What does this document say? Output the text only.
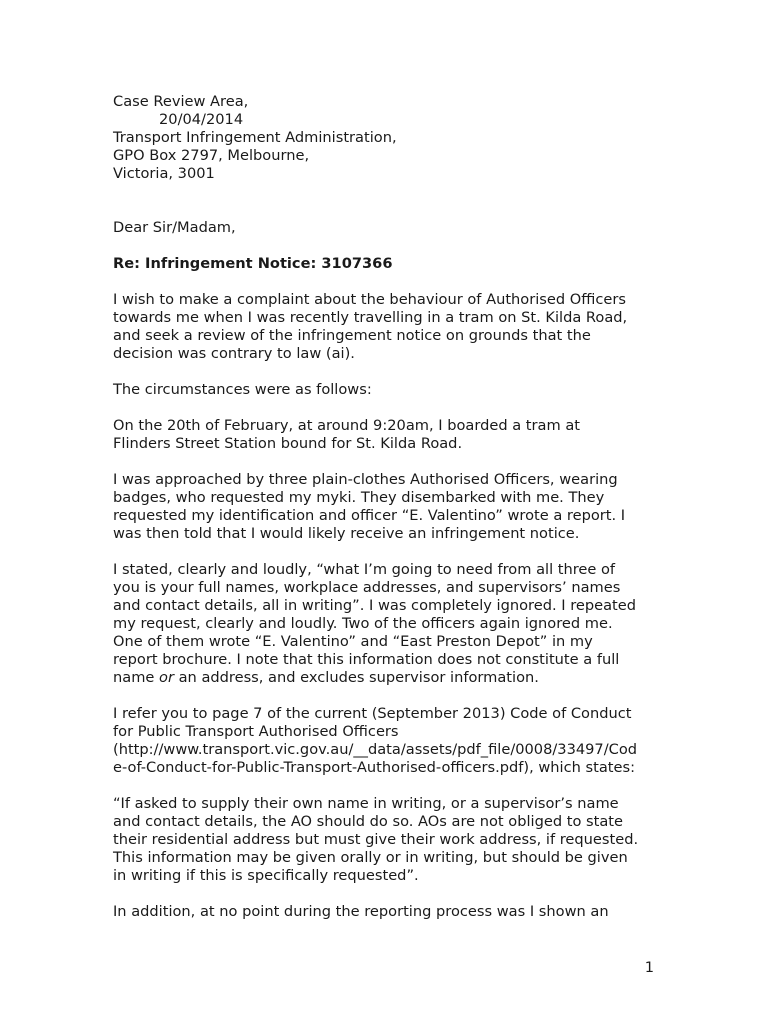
Case Review Area,
20/04/2014
Transport Infringement Administration,
GPO Box 2797, Melbourne,
Victoria, 3001
Dear Sir/Madam,
Re: Infringement Notice: 3107366
I wish to make a complaint about the behaviour of Authorised Officers
towards me when I was recently travelling in a tram on St. Kilda Road,
and seek a review of the infringement notice on grounds that the
decision was contrary to law (ai).
The circumstances were as follows:
On the 20th of February, at around 9:20am, I boarded a tram at
Flinders Street Station bound for St. Kilda Road.
I was approached by three plain-clothes Authorised Officers, wearing
badges, who requested my myki. They disembarked with me. They
requested my identification and officer “E. Valentino” wrote a report. I
was then told that I would likely receive an infringement notice.
I stated, clearly and loudly, “what I’m going to need from all three of
you is your full names, workplace addresses, and supervisors’ names
and contact details, all in writing”. I was completely ignored. I repeated
my request, clearly and loudly. Two of the officers again ignored me.
One of them wrote “E. Valentino” and “East Preston Depot” in my
report brochure. I note that this information does not constitute a full
name or an address, and excludes supervisor information.
I refer you to page 7 of the current (September 2013) Code of Conduct
for Public Transport Authorised Officers
(http://www.transport.vic.gov.au/__data/assets/pdf_file/0008/33497/Cod
e-of-Conduct-for-Public-Transport-Authorised-officers.pdf), which states:
“If asked to supply their own name in writing, or a supervisor’s name
and contact details, the AO should do so. AOs are not obliged to state
their residential address but must give their work address, if requested.
This information may be given orally or in writing, but should be given
in writing if this is specifically requested”.
In addition, at no point during the reporting process was I shown an
1
